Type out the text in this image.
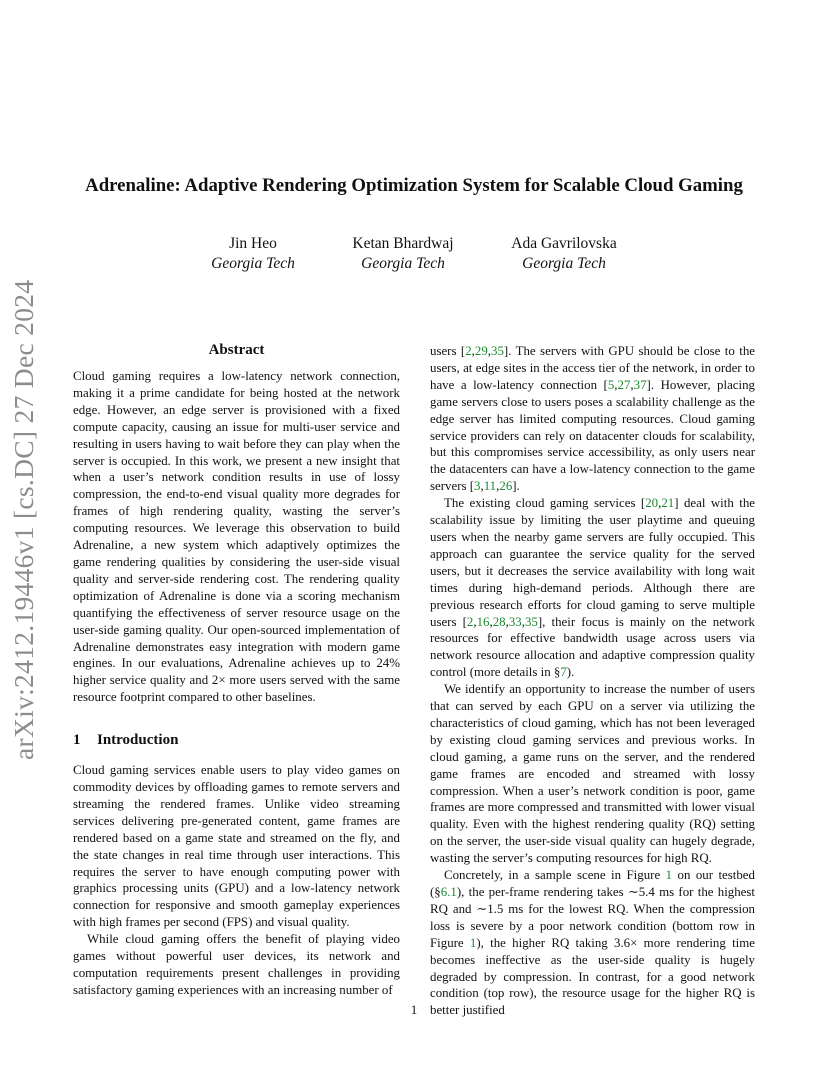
arXiv:2412.19446v1 [cs.DC] 27 Dec 2024
Adrenaline: Adaptive Rendering Optimization System for Scalable Cloud Gaming
Jin Heo
Georgia Tech
Ketan Bhardwaj
Georgia Tech
Ada Gavrilovska
Georgia Tech
Abstract

Cloud gaming requires a low-latency network connection, making it a prime candidate for being hosted at the network edge. However, an edge server is provisioned with a fixed compute capacity, causing an issue for multi-user service and resulting in users having to wait before they can play when the server is occupied. In this work, we present a new insight that when a user’s network condition results in use of lossy compression, the end-to-end visual quality more degrades for frames of high rendering quality, wasting the server’s computing resources. We leverage this observation to build Adrenaline, a new system which adaptively optimizes the game rendering qualities by considering the user-side visual quality and server-side rendering cost. The rendering quality optimization of Adrenaline is done via a scoring mechanism quantifying the effectiveness of server resource usage on the user-side gaming quality. Our open-sourced implementation of Adrenaline demonstrates easy integration with modern game engines. In our evaluations, Adrenaline achieves up to 24% higher service quality and 2× more users served with the same resource footprint compared to other baselines.

1 Introduction

Cloud gaming services enable users to play video games on commodity devices by offloading games to remote servers and streaming the rendered frames. Unlike video streaming services delivering pre-generated content, game frames are rendered based on a game state and streamed on the fly, and the state changes in real time through user interactions. This requires the server to have enough computing power with graphics processing units (GPU) and a low-latency network connection for responsive and smooth gameplay experiences with high frames per second (FPS) and visual quality.

While cloud gaming offers the benefit of playing video games without powerful user devices, its network and computation requirements present challenges in providing satisfactory gaming experiences with an increasing number of

users [2,29,35]. The servers with GPU should be close to the users, at edge sites in the access tier of the network, in order to have a low-latency connection [5,27,37]. However, placing game servers close to users poses a scalability challenge as the edge server has limited computing resources. Cloud gaming service providers can rely on datacenter clouds for scalability, but this compromises service accessibility, as only users near the datacenters can have a low-latency connection to the game servers [3,11,26].

The existing cloud gaming services [20,21] deal with the scalability issue by limiting the user playtime and queuing users when the nearby game servers are fully occupied. This approach can guarantee the service quality for the served users, but it decreases the service availability with long wait times during high-demand periods. Although there are previous research efforts for cloud gaming to serve multiple users [2,16,28,33,35], their focus is mainly on the network resources for effective bandwidth usage across users via network resource allocation and adaptive compression quality control (more details in §7).

We identify an opportunity to increase the number of users that can served by each GPU on a server via utilizing the characteristics of cloud gaming, which has not been leveraged by existing cloud gaming services and previous works. In cloud gaming, a game runs on the server, and the rendered game frames are encoded and streamed with lossy compression. When a user’s network condition is poor, game frames are more compressed and transmitted with lower visual quality. Even with the highest rendering quality (RQ) setting on the server, the user-side visual quality can hugely degrade, wasting the server’s computing resources for high RQ.

Concretely, in a sample scene in Figure 1 on our testbed (§6.1), the per-frame rendering takes ∼5.4 ms for the highest RQ and ∼1.5 ms for the lowest RQ. When the compression loss is severe by a poor network condition (bottom row in Figure 1), the higher RQ taking 3.6× more rendering time becomes ineffective as the user-side quality is hugely degraded by compression. In contrast, for a good network condition (top row), the resource usage for the higher RQ is better justified

1
